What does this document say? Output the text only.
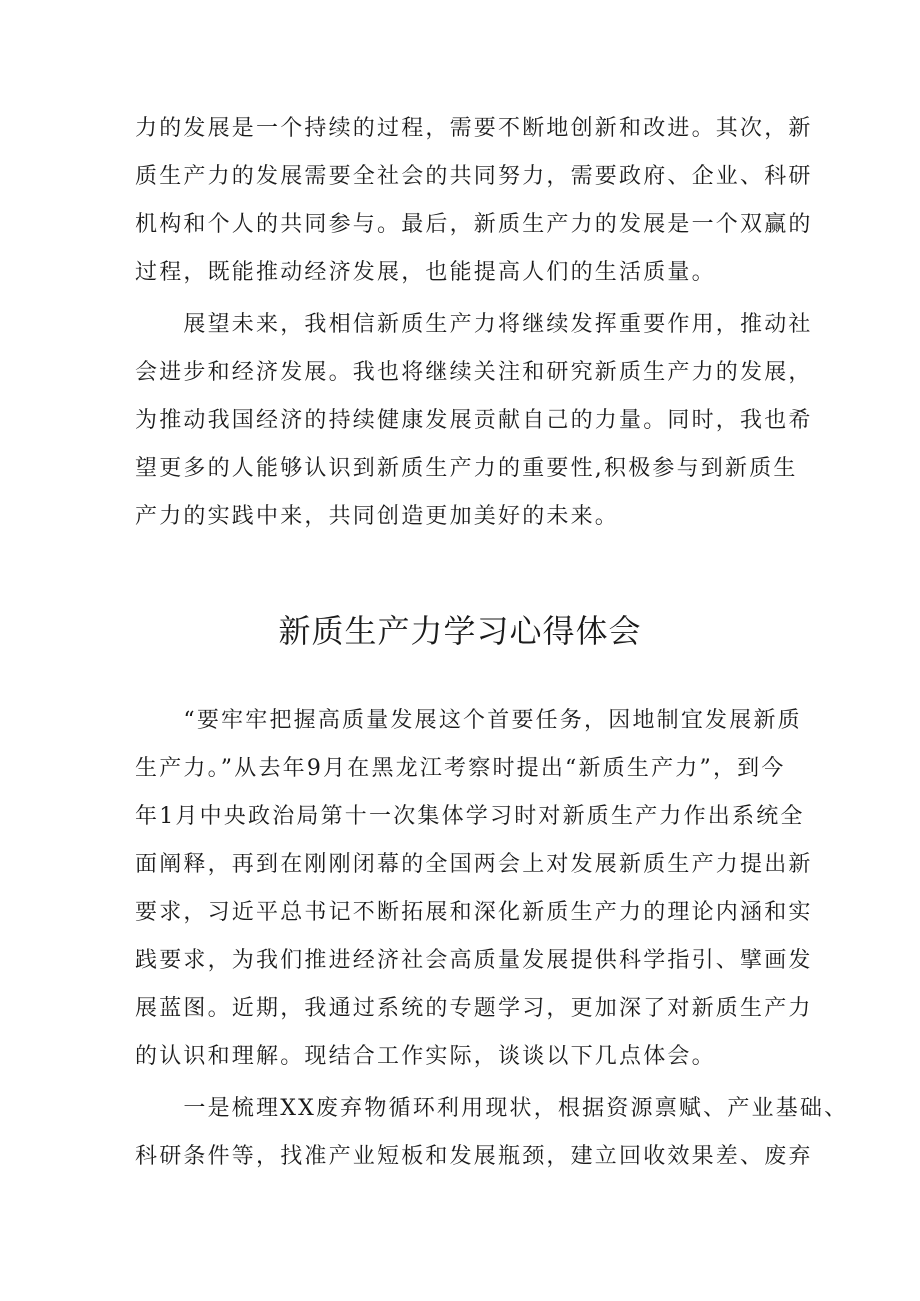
力的发展是一个持续的过程，需要不断地创新和改进。其次，新
质生产力的发展需要全社会的共同努力，需要政府、企业、科研
机构和个人的共同参与。最后，新质生产力的发展是一个双赢的
过程，既能推动经济发展，也能提高人们的生活质量。
　　展望未来，我相信新质生产力将继续发挥重要作用，推动社
会进步和经济发展。我也将继续关注和研究新质生产力的发展，
为推动我国经济的持续健康发展贡献自己的力量。同时，我也希
望更多的人能够认识到新质生产力的重要性,积极参与到新质生
产力的实践中来，共同创造更加美好的未来。
新质生产力学习心得体会
　　“要牢牢把握高质量发展这个首要任务，因地制宜发展新质
生产力。”从去年9月在黑龙江考察时提出“新质生产力”，到今
年1月中央政治局第十一次集体学习时对新质生产力作出系统全
面阐释，再到在刚刚闭幕的全国两会上对发展新质生产力提出新
要求，习近平总书记不断拓展和深化新质生产力的理论内涵和实
践要求，为我们推进经济社会高质量发展提供科学指引、擘画发
展蓝图。近期，我通过系统的专题学习，更加深了对新质生产力
的认识和理解。现结合工作实际，谈谈以下几点体会。
　　一是梳理XX废弃物循环利用现状，根据资源禀赋、产业基础、
科研条件等，找准产业短板和发展瓶颈，建立回收效果差、废弃
